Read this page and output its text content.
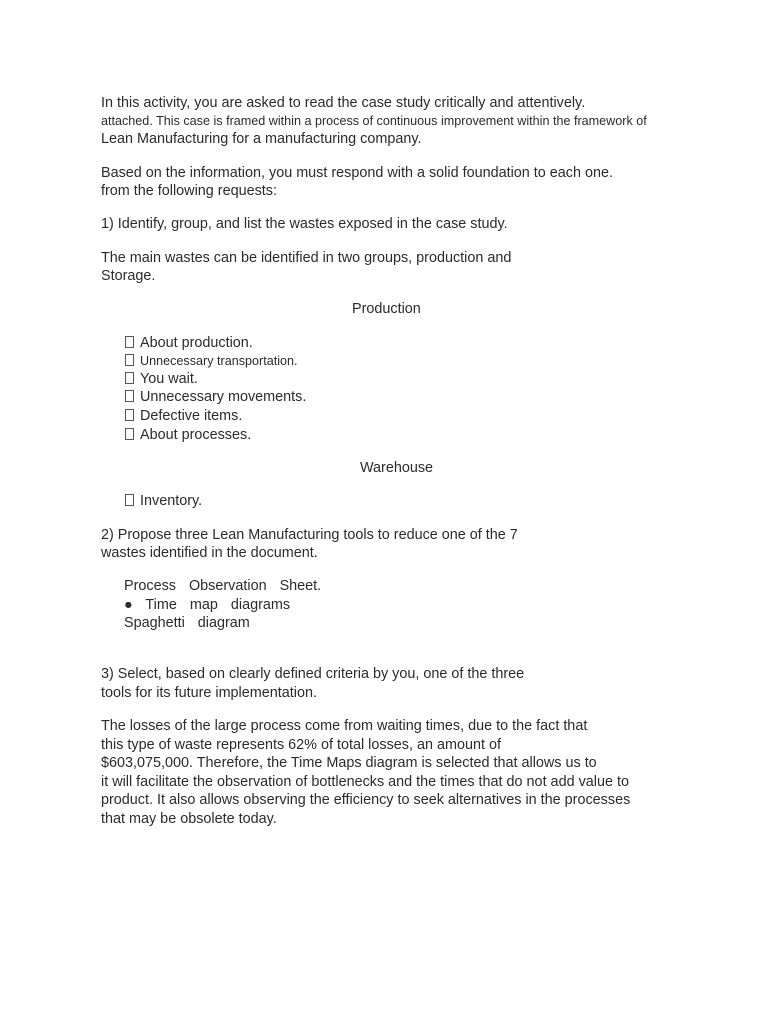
In this activity, you are asked to read the case study critically and attentively.
attached. This case is framed within a process of continuous improvement within the framework of
Lean Manufacturing for a manufacturing company.
Based on the information, you must respond with a solid foundation to each one.
from the following requests:
1) Identify, group, and list the wastes exposed in the case study.
The main wastes can be identified in two groups, production and
Storage.
Production
About production.
Unnecessary transportation.
You wait.
Unnecessary movements.
Defective items.
About processes.
Warehouse
Inventory.
2) Propose three Lean Manufacturing tools to reduce one of the 7
wastes identified in the document.
Process Observation Sheet.
● Time map diagrams
Spaghetti diagram
3) Select, based on clearly defined criteria by you, one of the three
tools for its future implementation.
The losses of the large process come from waiting times, due to the fact that
this type of waste represents 62% of total losses, an amount of
$603,075,000. Therefore, the Time Maps diagram is selected that allows us to
it will facilitate the observation of bottlenecks and the times that do not add value to
product. It also allows observing the efficiency to seek alternatives in the processes
that may be obsolete today.
